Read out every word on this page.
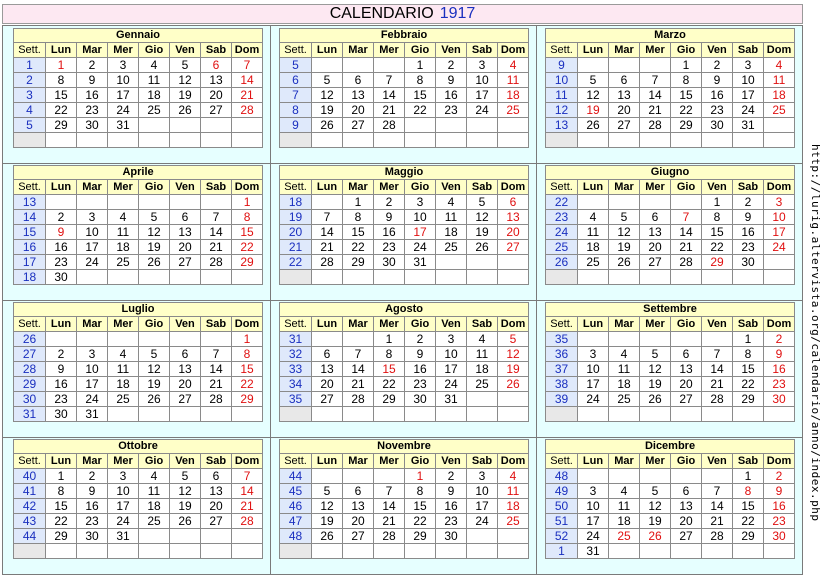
CALENDARIO 1917
Gennaio							
Sett.	Lun	Mar	Mer	Gio	Ven	Sab	Dom
1	1	2	3	4	5	6	7
2	8	9	10	11	12	13	14
3	15	16	17	18	19	20	21
4	22	23	24	25	26	27	28
5	29	30	31				

Febbraio							
Sett.	Lun	Mar	Mer	Gio	Ven	Sab	Dom
5				1	2	3	4
6	5	6	7	8	9	10	11
7	12	13	14	15	16	17	18
8	19	20	21	22	23	24	25
9	26	27	28				

Marzo							
Sett.	Lun	Mar	Mer	Gio	Ven	Sab	Dom
9				1	2	3	4
10	5	6	7	8	9	10	11
11	12	13	14	15	16	17	18
12	19	20	21	22	23	24	25
13	26	27	28	29	30	31	

Aprile							
Sett.	Lun	Mar	Mer	Gio	Ven	Sab	Dom
13							1
14	2	3	4	5	6	7	8
15	9	10	11	12	13	14	15
16	16	17	18	19	20	21	22
17	23	24	25	26	27	28	29
18	30						
Maggio							
Sett.	Lun	Mar	Mer	Gio	Ven	Sab	Dom
18		1	2	3	4	5	6
19	7	8	9	10	11	12	13
20	14	15	16	17	18	19	20
21	21	22	23	24	25	26	27
22	28	29	30	31			

Giugno							
Sett.	Lun	Mar	Mer	Gio	Ven	Sab	Dom
22					1	2	3
23	4	5	6	7	8	9	10
24	11	12	13	14	15	16	17
25	18	19	20	21	22	23	24
26	25	26	27	28	29	30	

Luglio							
Sett.	Lun	Mar	Mer	Gio	Ven	Sab	Dom
26							1
27	2	3	4	5	6	7	8
28	9	10	11	12	13	14	15
29	16	17	18	19	20	21	22
30	23	24	25	26	27	28	29
31	30	31					
Agosto							
Sett.	Lun	Mar	Mer	Gio	Ven	Sab	Dom
31			1	2	3	4	5
32	6	7	8	9	10	11	12
33	13	14	15	16	17	18	19
34	20	21	22	23	24	25	26
35	27	28	29	30	31		

Settembre							
Sett.	Lun	Mar	Mer	Gio	Ven	Sab	Dom
35						1	2
36	3	4	5	6	7	8	9
37	10	11	12	13	14	15	16
38	17	18	19	20	21	22	23
39	24	25	26	27	28	29	30

Ottobre							
Sett.	Lun	Mar	Mer	Gio	Ven	Sab	Dom
40	1	2	3	4	5	6	7
41	8	9	10	11	12	13	14
42	15	16	17	18	19	20	21
43	22	23	24	25	26	27	28
44	29	30	31				

Novembre							
Sett.	Lun	Mar	Mer	Gio	Ven	Sab	Dom
44				1	2	3	4
45	5	6	7	8	9	10	11
46	12	13	14	15	16	17	18
47	19	20	21	22	23	24	25
48	26	27	28	29	30		

Dicembre							
Sett.	Lun	Mar	Mer	Gio	Ven	Sab	Dom
48						1	2
49	3	4	5	6	7	8	9
50	10	11	12	13	14	15	16
51	17	18	19	20	21	22	23
52	24	25	26	27	28	29	30
1	31						
http://lurig.altervista.org/calendario/anno/index.php
